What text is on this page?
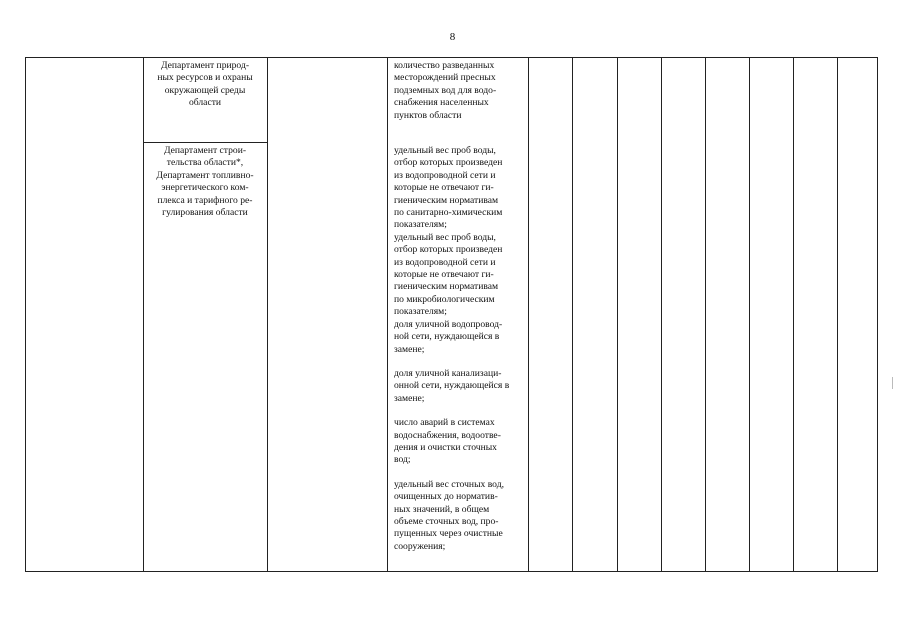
8
Департамент природ-
ных ресурсов и охраны
окружающей среды
области
количество разведанных
месторождений пресных
подземных вод для водо-
снабжения населенных
пунктов области
Департамент строи-
тельства области*,
Департамент топливно-
энергетического ком-
плекса и тарифного ре-
гулирования области
удельный вес проб воды,
отбор которых произведен
из водопроводной сети и
которые не отвечают ги-
гиеническим нормативам
по санитарно-химическим
показателям;
удельный вес проб воды,
отбор которых произведен
из водопроводной сети и
которые не отвечают ги-
гиеническим нормативам
по микробиологическим
показателям;
доля уличной водопровод-
ной сети, нуждающейся в
замене;
доля уличной канализаци-
онной сети, нуждающейся в
замене;
число аварий в системах
водоснабжения, водоотве-
дения и очистки сточных
вод;
удельный вес сточных вод,
очищенных до норматив-
ных значений, в общем
объеме сточных вод, про-
пущенных через очистные
сооружения;
